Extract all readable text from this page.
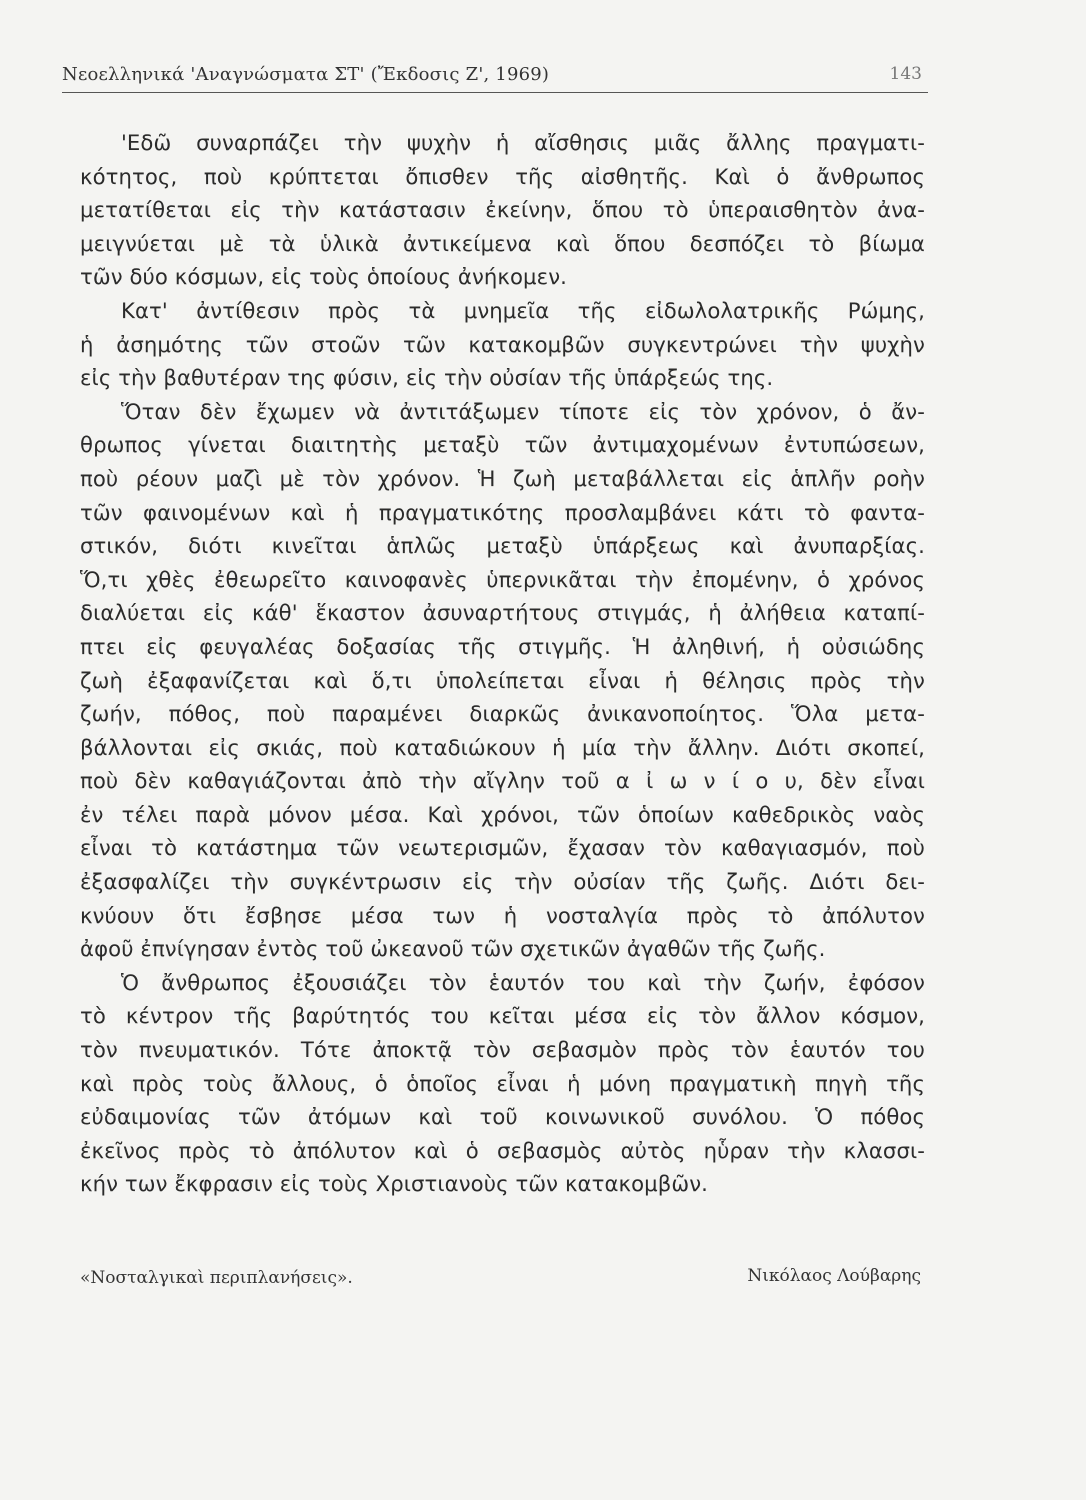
Νεοελληνικά 'Αναγνώσματα ΣΤ' (Ἔκδοσις Ζ', 1969)	143
'Εδῶ συναρπάζει τὴν ψυχὴν ἡ αἴσθησις μιᾶς ἄλλης πραγματι-
κότητος, ποὺ κρύπτεται ὄπισθεν τῆς αἰσθητῆς. Καὶ ὁ ἄνθρωπος
μετατίθεται εἰς τὴν κατάστασιν ἐκείνην, ὅπου τὸ ὑπεραισθητὸν ἀνα-
μειγνύεται μὲ τὰ ὑλικὰ ἀντικείμενα καὶ ὅπου δεσπόζει τὸ βίωμα
τῶν δύο κόσμων, εἰς τοὺς ὁποίους ἀνήκομεν.
Κατ' ἀντίθεσιν πρὸς τὰ μνημεῖα τῆς εἰδωλολατρικῆς Ρώμης,
ἡ ἀσημότης τῶν στοῶν τῶν κατακομβῶν συγκεντρώνει τὴν ψυχὴν
εἰς τὴν βαθυτέραν της φύσιν, εἰς τὴν οὐσίαν τῆς ὑπάρξεώς της.
Ὅταν δὲν ἔχωμεν νὰ ἀντιτάξωμεν τίποτε εἰς τὸν χρόνον, ὁ ἄν-
θρωπος γίνεται διαιτητὴς μεταξὺ τῶν ἀντιμαχομένων ἐντυπώσεων,
ποὺ ρέουν μαζὶ μὲ τὸν χρόνον. Ἡ ζωὴ μεταβάλλεται εἰς ἁπλῆν ροὴν
τῶν φαινομένων καὶ ἡ πραγματικότης προσλαμβάνει κάτι τὸ φαντα-
στικόν, διότι κινεῖται ἁπλῶς μεταξὺ ὑπάρξεως καὶ ἀνυπαρξίας.
Ὅ,τι χθὲς ἐθεωρεῖτο καινοφανὲς ὑπερνικᾶται τὴν ἐπομένην, ὁ χρόνος
διαλύεται εἰς κάθ' ἕκαστον ἀσυναρτήτους στιγμάς, ἡ ἀλήθεια καταπί-
πτει εἰς φευγαλέας δοξασίας τῆς στιγμῆς. Ἡ ἀληθινή, ἡ οὐσιώδης
ζωὴ ἐξαφανίζεται καὶ ὅ,τι ὑπολείπεται εἶναι ἡ θέλησις πρὸς τὴν
ζωήν, πόθος, ποὺ παραμένει διαρκῶς ἀνικανοποίητος. Ὅλα μετα-
βάλλονται εἰς σκιάς, ποὺ καταδιώκουν ἡ μία τὴν ἄλλην. Διότι σκοπεί,
ποὺ δὲν καθαγιάζονται ἀπὸ τὴν αἴγλην τοῦ α ἰ ω ν ί ο υ, δὲν εἶναι
ἐν τέλει παρὰ μόνον μέσα. Καὶ χρόνοι, τῶν ὁποίων καθεδρικὸς ναὸς
εἶναι τὸ κατάστημα τῶν νεωτερισμῶν, ἔχασαν τὸν καθαγιασμόν, ποὺ
ἐξασφαλίζει τὴν συγκέντρωσιν εἰς τὴν οὐσίαν τῆς ζωῆς. Διότι δει-
κνύουν ὅτι ἔσβησε μέσα των ἡ νοσταλγία πρὸς τὸ ἀπόλυτον
ἀφοῦ ἐπνίγησαν ἐντὸς τοῦ ὠκεανοῦ τῶν σχετικῶν ἀγαθῶν τῆς ζωῆς.
Ὁ ἄνθρωπος ἐξουσιάζει τὸν ἑαυτόν του καὶ τὴν ζωήν, ἐφόσον
τὸ κέντρον τῆς βαρύτητός του κεῖται μέσα εἰς τὸν ἄλλον κόσμον,
τὸν πνευματικόν. Τότε ἀποκτᾷ τὸν σεβασμὸν πρὸς τὸν ἑαυτόν του
καὶ πρὸς τοὺς ἄλλους, ὁ ὁποῖος εἶναι ἡ μόνη πραγματικὴ πηγὴ τῆς
εὐδαιμονίας τῶν ἀτόμων καὶ τοῦ κοινωνικοῦ συνόλου. Ὁ πόθος
ἐκεῖνος πρὸς τὸ ἀπόλυτον καὶ ὁ σεβασμὸς αὐτὸς ηὗραν τὴν κλασσι-
κήν των ἔκφρασιν εἰς τοὺς Χριστιανοὺς τῶν κατακομβῶν.
«Νοσταλγικαὶ περιπλανήσεις».	Νικόλαος Λούβαρης
